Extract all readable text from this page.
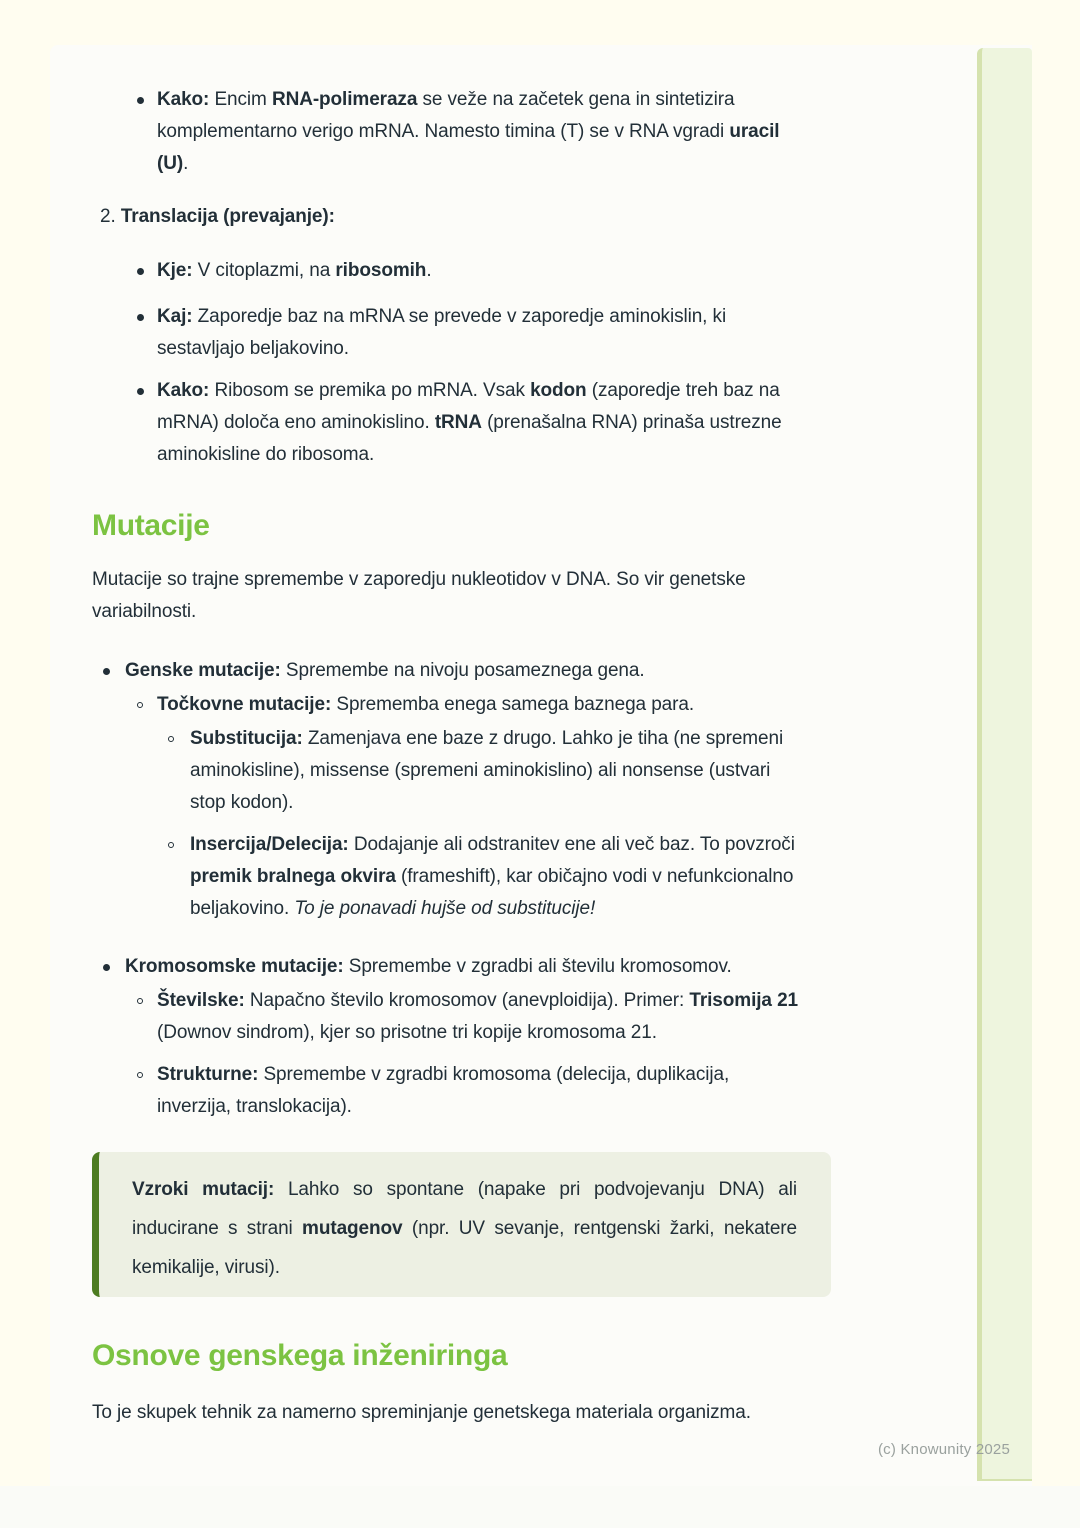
Kako: Encim RNA-polimeraza se veže na začetek gena in sintetizira komplementarno verigo mRNA. Namesto timina (T) se v RNA vgradi uracil (U).
2. Translacija (prevajanje):
Kje: V citoplazmi, na ribosomih.
Kaj: Zaporedje baz na mRNA se prevede v zaporedje aminokislin, ki sestavljajo beljakovino.
Kako: Ribosom se premika po mRNA. Vsak kodon (zaporedje treh baz na mRNA) določa eno aminokislino. tRNA (prenašalna RNA) prinaša ustrezne aminokisline do ribosoma.
Mutacije

Mutacije so trajne spremembe v zaporedju nukleotidov v DNA. So vir genetske variabilnosti.

Genske mutacije: Spremembe na nivoju posameznega gena.
Točkovne mutacije: Sprememba enega samega baznega para.
Substitucija: Zamenjava ene baze z drugo. Lahko je tiha (ne spremeni aminokisline), missense (spremeni aminokislino) ali nonsense (ustvari stop kodon).
Insercija/Delecija: Dodajanje ali odstranitev ene ali več baz. To povzroči premik bralnega okvira (frameshift), kar običajno vodi v nefunkcionalno beljakovino. To je ponavadi hujše od substitucije!
Kromosomske mutacije: Spremembe v zgradbi ali številu kromosomov.
Številske: Napačno število kromosomov (anevploidija). Primer: Trisomija 21 (Downov sindrom), kjer so prisotne tri kopije kromosoma 21.
Strukturne: Spremembe v zgradbi kromosoma (delecija, duplikacija, inverzija, translokacija).

Vzroki mutacij: Lahko so spontane (napake pri podvojevanju DNA) ali inducirane s strani mutagenov (npr. UV sevanje, rentgenski žarki, nekatere kemikalije, virusi).

Osnove genskega inženiringa

To je skupek tehnik za namerno spreminjanje genetskega materiala organizma.

(c) Knowunity 2025
